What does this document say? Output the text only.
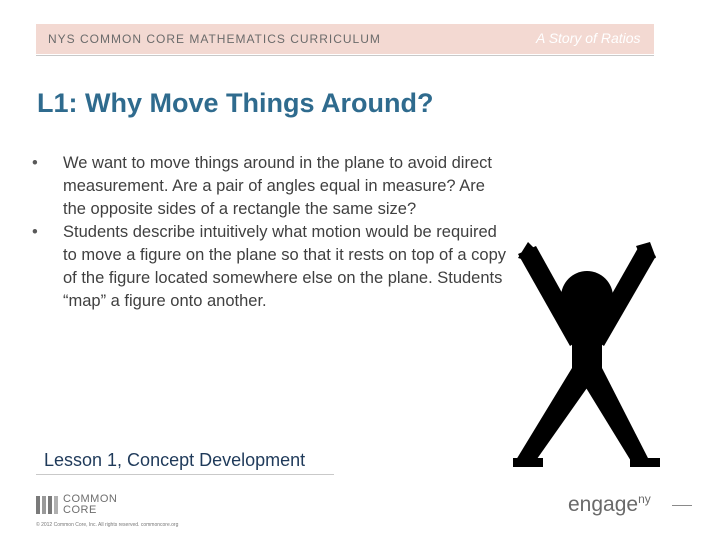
NYS COMMON CORE MATHEMATICS CURRICULUM	A Story of Ratios
L1: Why Move Things Around?
• We want to move things around in the plane to avoid direct measurement. Are a pair of angles equal in measure? Are the opposite sides of a rectangle the same size?
• Students describe intuitively what motion would be required to move a figure on the plane so that it rests on top of a copy of the figure located somewhere else on the plane. Students “map” a figure onto another.
Lesson 1, Concept Development
COMMON
CORE
© 2012 Common Core, Inc. All rights reserved. commoncore.org
engage$^{ny}$
